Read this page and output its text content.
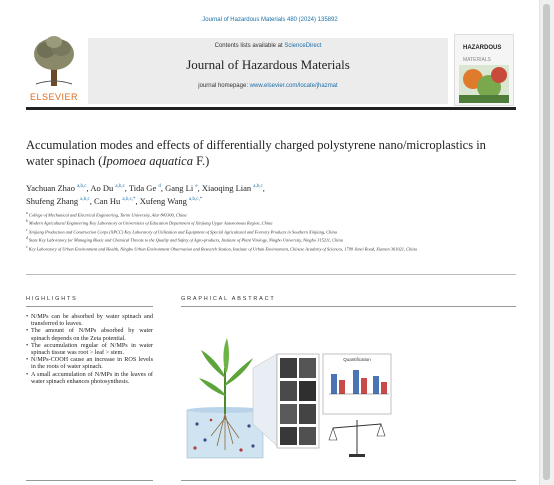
Journal of Hazardous Materials 480 (2024) 135892
ELSEVIER
Contents lists available at ScienceDirect
Journal of Hazardous Materials
journal homepage: www.elsevier.com/locate/jhazmat
HAZARDOUS
MATERIALS
Accumulation modes and effects of differentially charged polystyrene nano/microplastics in water spinach (Ipomoea aquatica F.)
Yachuan Zhao $^{a,b,c}$, Ao Du $^{a,b,c}$, Tida Ge $^d$, Gang Li $^e$, Xiaoqing Lian $^{a,b,c}$,
Shufeng Zhang $^{a,b,c}$, Can Hu $^{a,b,c,*}$, Xufeng Wang $^{a,b,c,*}$

$^a$ College of Mechanical and Electrical Engineering, Tarim University, Alar 843300, China

$^b$ Modern Agricultural Engineering Key Laboratory at Universities of Education Department of Xinjiang Uygur Autonomous Region, China

$^c$ Xinjiang Production and Construction Corps (XPCC) Key Laboratory of Utilization and Equipment of Special Agricultural and Forestry Products in Southern Xinjiang, China

$^d$ State Key Laboratory for Managing Biotic and Chemical Threats to the Quality and Safety of Agro-products, Institute of Plant Virology, Ningbo University, Ningbo 315211, China

$^e$ Key Laboratory of Urban Environment and Health, Ningbo Urban Environment Observation and Research Station, Institute of Urban Environment, Chinese Academy of Sciences, 1799 Jimei Road, Xiamen 361021, China

HIGHLIGHTS	GRAPHICAL ABSTRACT
• N/MPs can be absorbed by water spinach and transferred to leaves.
• The amount of N/MPs absorbed by water spinach depends on the Zeta potential.
• The accumulation regular of N/MPs in water spinach tissue was root > leaf > stem.
• N/MPs-COOH cause an increase in ROS levels in the roots of water spinach.
• A small accumulation of N/MPs in the leaves of water spinach enhances photosynthesis.
Quantification
